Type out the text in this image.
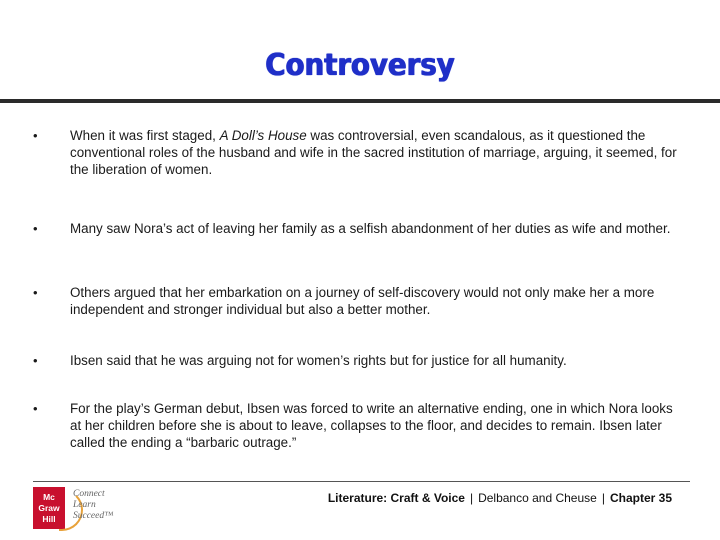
Controversy
•	When it was first staged, A Doll’s House was controversial, even scandalous, as it questioned the conventional roles of the husband and wife in the sacred institution of marriage, arguing, it seemed, for the liberation of women.
•	Many saw Nora’s act of leaving her family as a selfish abandonment of her duties as wife and mother.
•	Others argued that her embarkation on a journey of self-discovery would not only make her a more independent and stronger individual but also a better mother.
•	Ibsen said that he was arguing not for women’s rights but for justice for all humanity.
•	For the play’s German debut, Ibsen was forced to write an alternative ending, one in which Nora looks at her children before she is about to leave, collapses to the floor, and decides to remain. Ibsen later called the ending a “barbaric outrage.”
Mc
Graw
Hill
Connect
Learn
Succeed™
Literature: Craft & Voice | Delbanco and Cheuse | Chapter 35
